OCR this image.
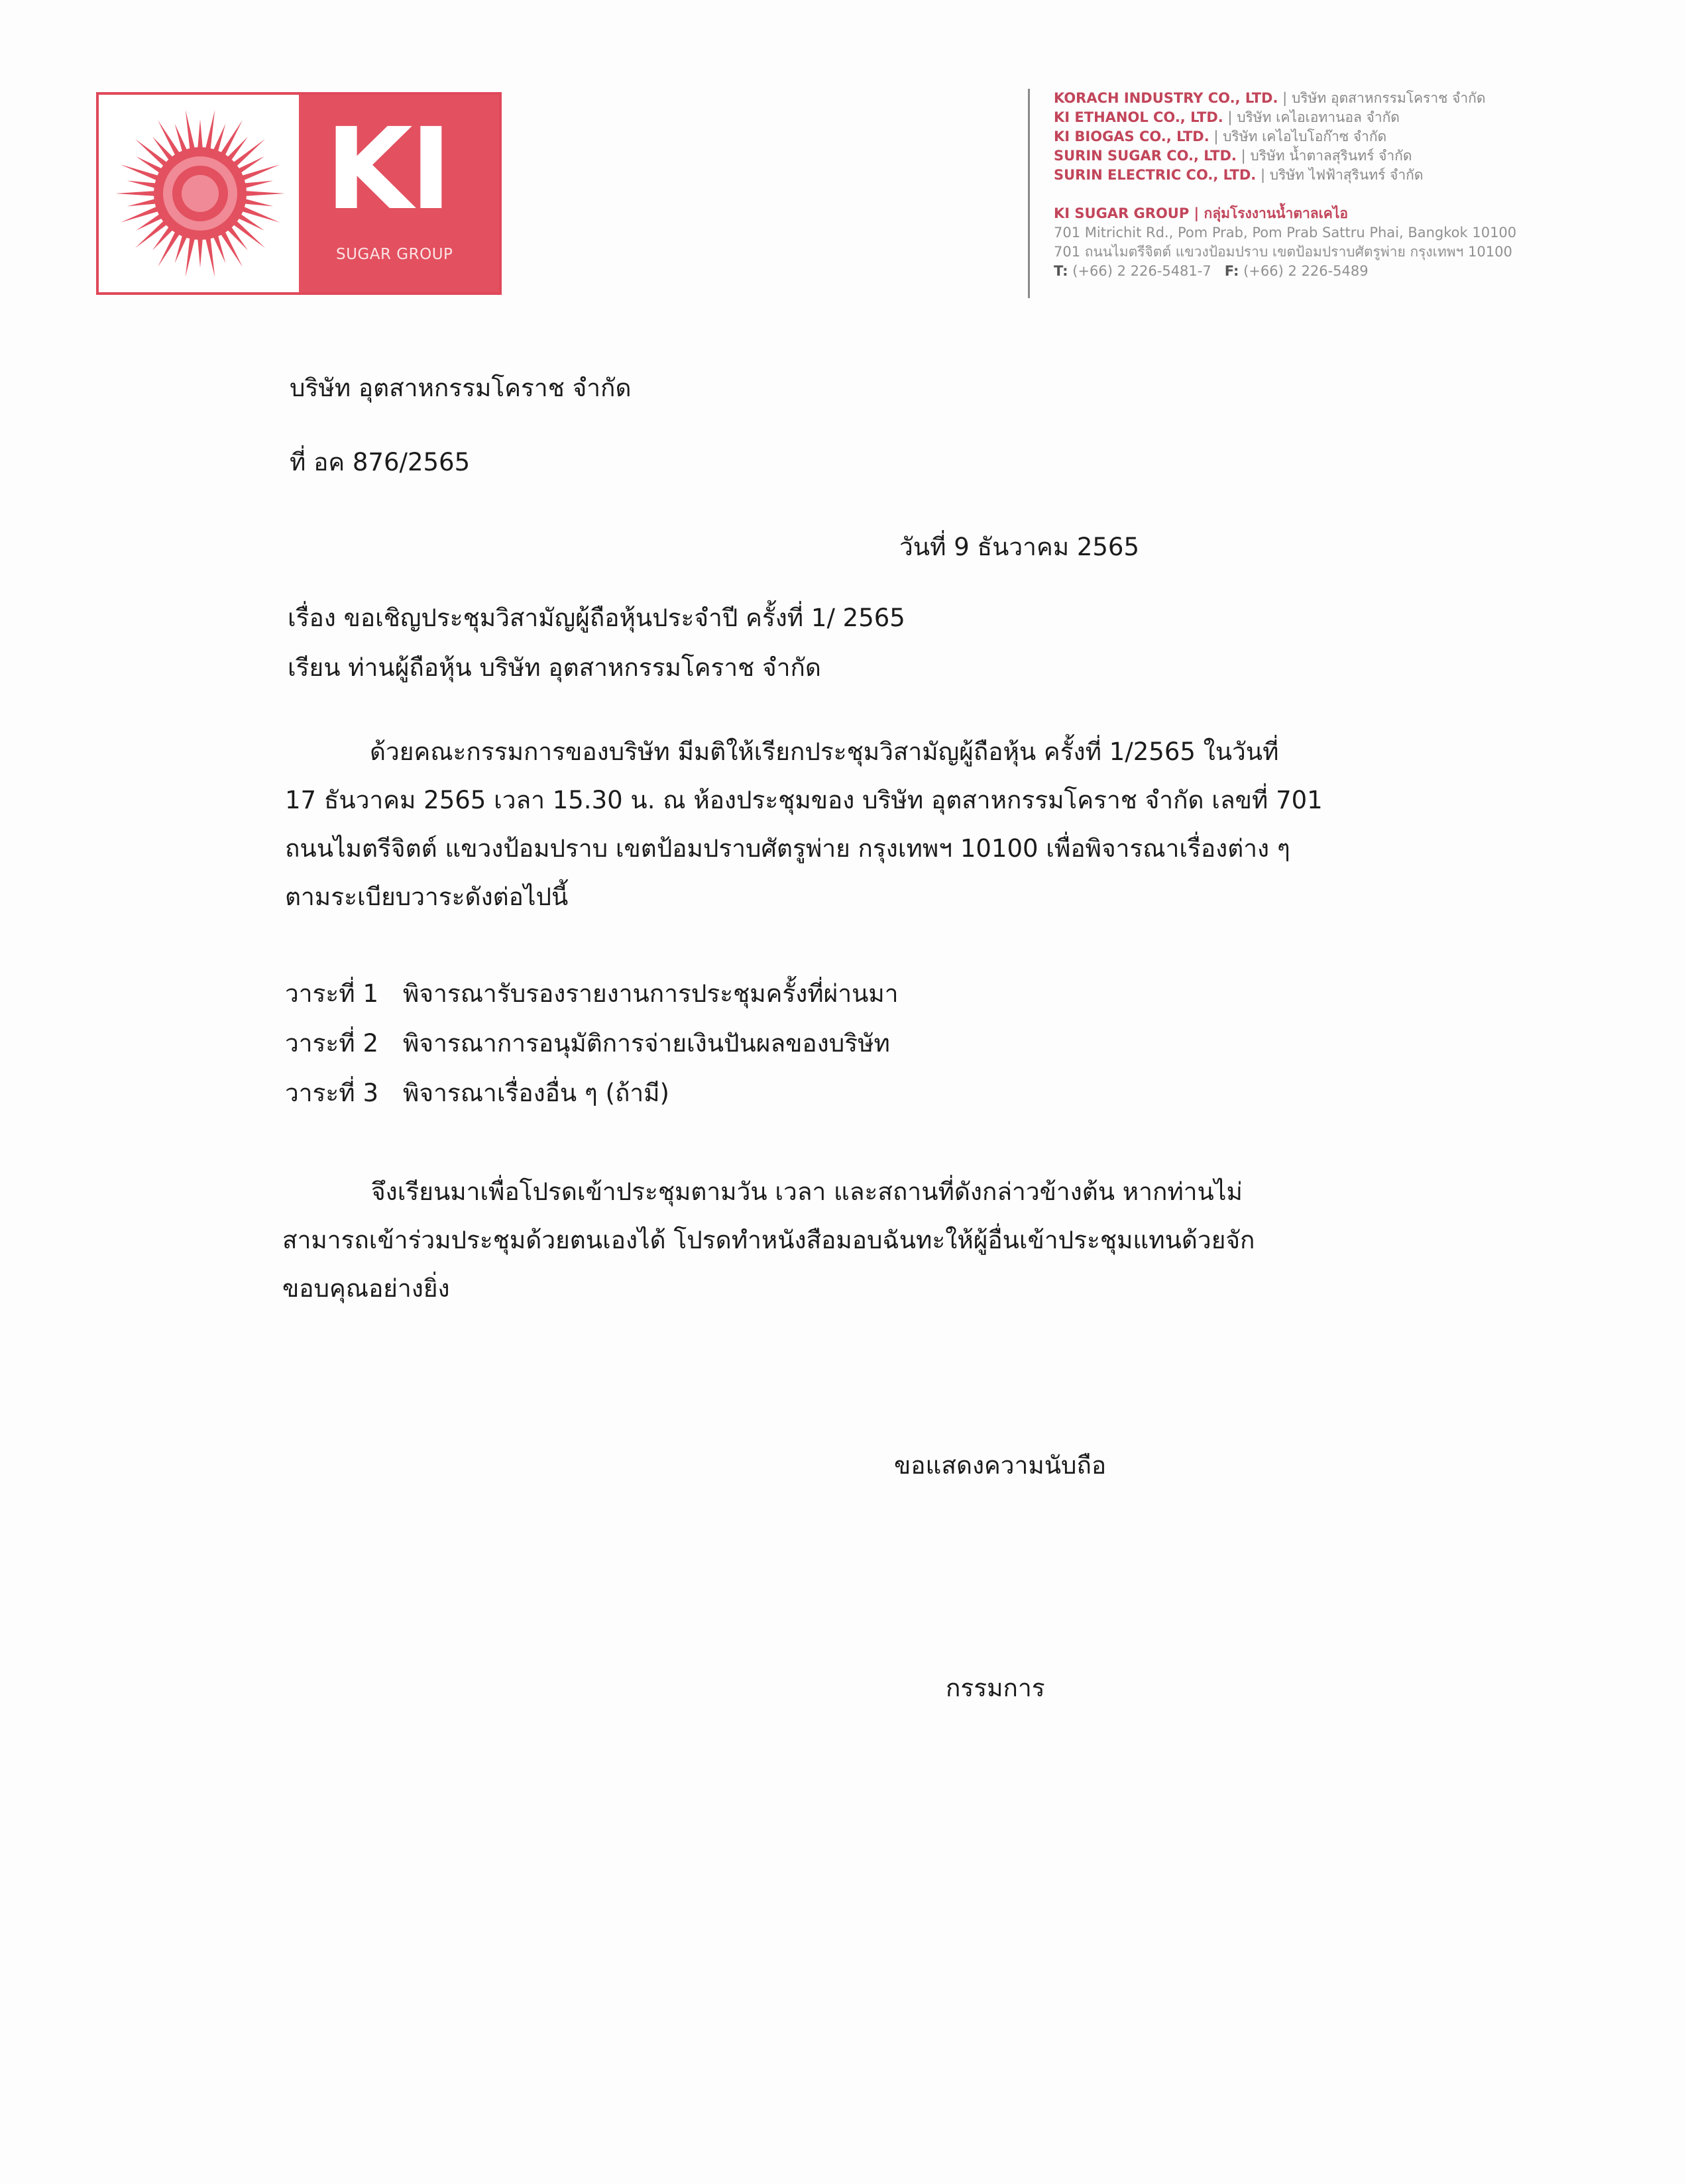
KI
SUGAR GROUP
KORACH INDUSTRY CO., LTD. | บริษัท อุตสาหกรรมโคราช จำกัด
KI ETHANOL CO., LTD. | บริษัท เคไอเอทานอล จำกัด
KI BIOGAS CO., LTD. | บริษัท เคไอไบโอก๊าซ จำกัด
SURIN SUGAR CO., LTD. | บริษัท น้ำตาลสุรินทร์ จำกัด
SURIN ELECTRIC CO., LTD. | บริษัท ไฟฟ้าสุรินทร์ จำกัด
KI SUGAR GROUP | กลุ่มโรงงานน้ำตาลเคไอ
701 Mitrichit Rd., Pom Prab, Pom Prab Sattru Phai, Bangkok 10100
701 ถนนไมตรีจิตต์ แขวงป้อมปราบ เขตป้อมปราบศัตรูพ่าย กรุงเทพฯ 10100
T: (+66) 2 226-5481-7 F: (+66) 2 226-5489
บริษัท อุตสาหกรรมโคราช จำกัด
ที่ อค 876/2565
วันที่ 9 ธันวาคม 2565
เรื่อง ขอเชิญประชุมวิสามัญผู้ถือหุ้นประจำปี ครั้งที่ 1/ 2565
เรียน ท่านผู้ถือหุ้น บริษัท อุตสาหกรรมโคราช จำกัด
ด้วยคณะกรรมการของบริษัท มีมติให้เรียกประชุมวิสามัญผู้ถือหุ้น ครั้งที่ 1/2565 ในวันที่
17 ธันวาคม 2565 เวลา 15.30 น. ณ ห้องประชุมของ บริษัท อุตสาหกรรมโคราช จำกัด เลขที่ 701
ถนนไมตรีจิตต์ แขวงป้อมปราบ เขตป้อมปราบศัตรูพ่าย กรุงเทพฯ 10100 เพื่อพิจารณาเรื่องต่าง ๆ
ตามระเบียบวาระดังต่อไปนี้
วาระที่ 1 พิจารณารับรองรายงานการประชุมครั้งที่ผ่านมา
วาระที่ 2 พิจารณาการอนุมัติการจ่ายเงินปันผลของบริษัท
วาระที่ 3 พิจารณาเรื่องอื่น ๆ (ถ้ามี)
จึงเรียนมาเพื่อโปรดเข้าประชุมตามวัน เวลา และสถานที่ดังกล่าวข้างต้น หากท่านไม่
สามารถเข้าร่วมประชุมด้วยตนเองได้ โปรดทำหนังสือมอบฉันทะให้ผู้อื่นเข้าประชุมแทนด้วยจัก
ขอบคุณอย่างยิ่ง
ขอแสดงความนับถือ
กรรมการ
